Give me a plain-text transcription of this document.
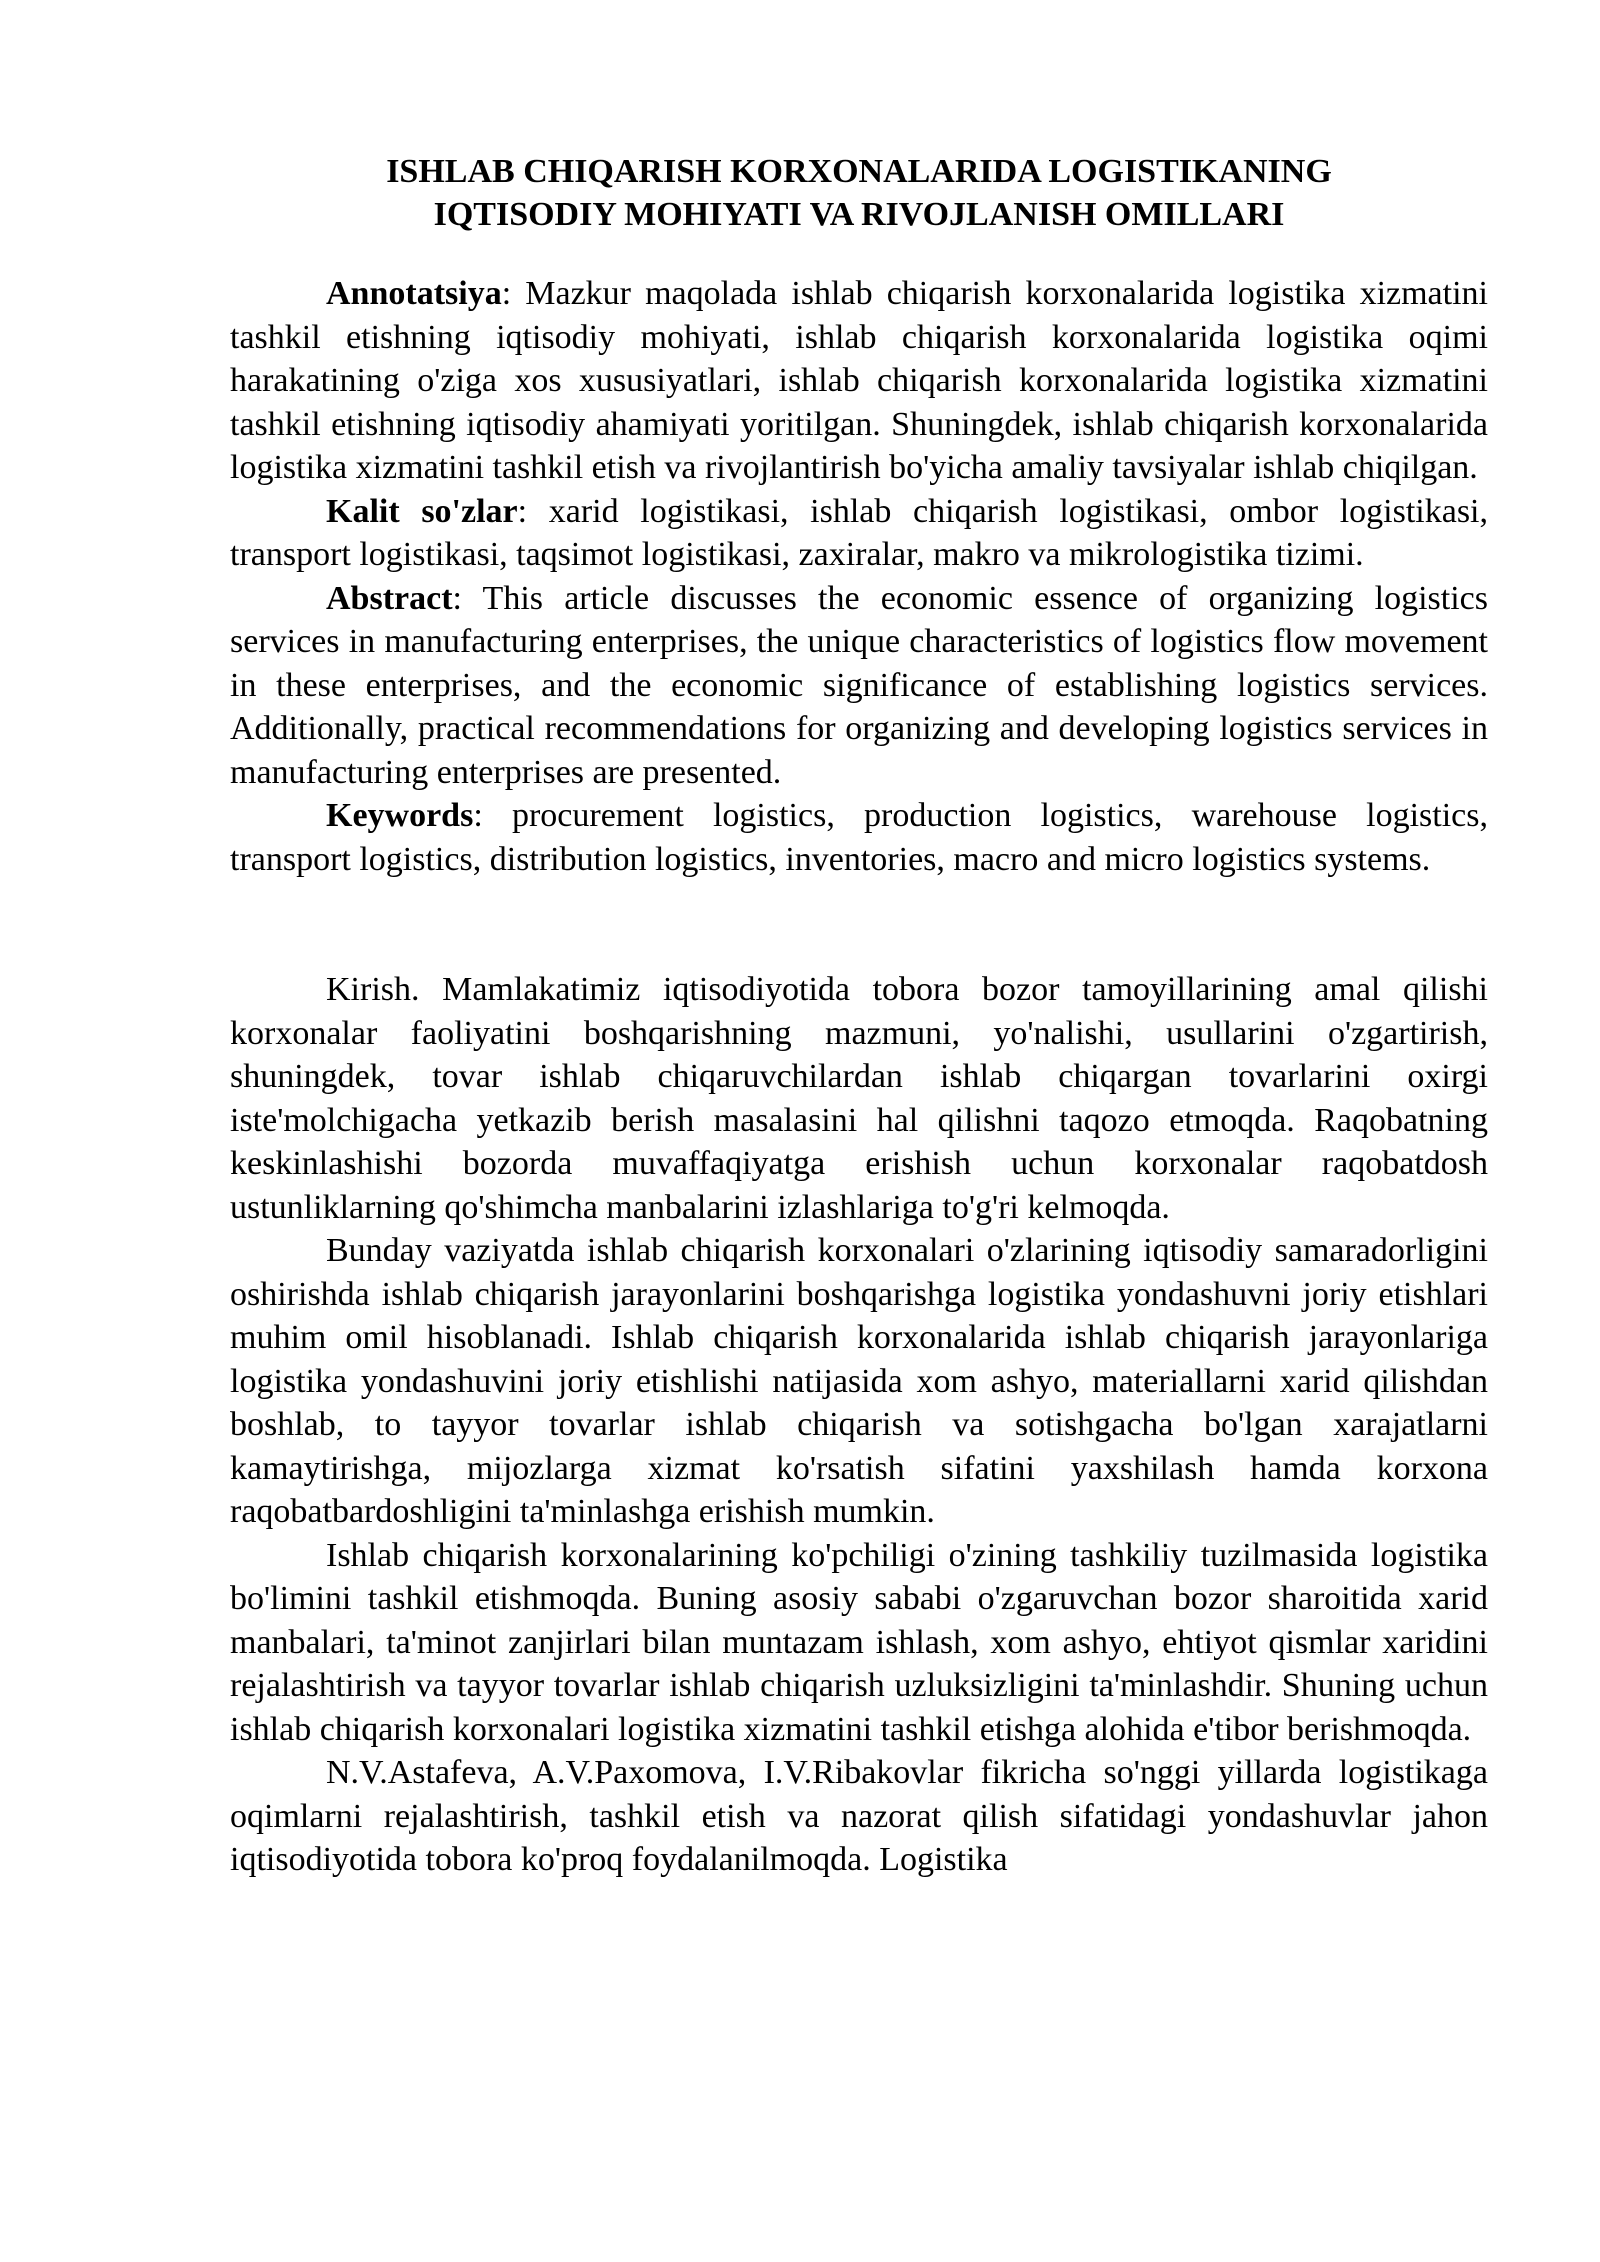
ISHLAB CHIQARISH KORXONALARIDA LOGISTIKANING
IQTISODIY MOHIYATI VA RIVOJLANISH OMILLARI

Annotatsiya: Mazkur maqolada ishlab chiqarish korxonalarida logistika xizmatini tashkil etishning iqtisodiy mohiyati, ishlab chiqarish korxonalarida logistika oqimi harakatining o'ziga xos xususiyatlari, ishlab chiqarish korxonalarida logistika xizmatini tashkil etishning iqtisodiy ahamiyati yoritilgan. Shuningdek, ishlab chiqarish korxonalarida logistika xizmatini tashkil etish va rivojlantirish bo'yicha amaliy tavsiyalar ishlab chiqilgan.

Kalit so'zlar: xarid logistikasi, ishlab chiqarish logistikasi, ombor logistikasi, transport logistikasi, taqsimot logistikasi, zaxiralar, makro va mikrologistika tizimi.

Abstract: This article discusses the economic essence of organizing logistics services in manufacturing enterprises, the unique characteristics of logistics flow movement in these enterprises, and the economic significance of establishing logistics services. Additionally, practical recommendations for organizing and developing logistics services in manufacturing enterprises are presented.

Keywords: procurement logistics, production logistics, warehouse logistics, transport logistics, distribution logistics, inventories, macro and micro logistics systems.

Kirish. Mamlakatimiz iqtisodiyotida tobora bozor tamoyillarining amal qilishi korxonalar faoliyatini boshqarishning mazmuni, yo'nalishi, usullarini o'zgartirish, shuningdek, tovar ishlab chiqaruvchilardan ishlab chiqargan tovarlarini oxirgi iste'molchigacha yetkazib berish masalasini hal qilishni taqozo etmoqda. Raqobatning keskinlashishi bozorda muvaffaqiyatga erishish uchun korxonalar raqobatdosh ustunliklarning qo'shimcha manbalarini izlashlariga to'g'ri kelmoqda.

Bunday vaziyatda ishlab chiqarish korxonalari o'zlarining iqtisodiy samaradorligini oshirishda ishlab chiqarish jarayonlarini boshqarishga logistika yondashuvni joriy etishlari muhim omil hisoblanadi. Ishlab chiqarish korxonalarida ishlab chiqarish jarayonlariga logistika yondashuvini joriy etishlishi natijasida xom ashyo, materiallarni xarid qilishdan boshlab, to tayyor tovarlar ishlab chiqarish va sotishgacha bo'lgan xarajatlarni kamaytirishga, mijozlarga xizmat ko'rsatish sifatini yaxshilash hamda korxona raqobatbardoshligini ta'minlashga erishish mumkin.

Ishlab chiqarish korxonalarining ko'pchiligi o'zining tashkiliy tuzilmasida logistika bo'limini tashkil etishmoqda. Buning asosiy sababi o'zgaruvchan bozor sharoitida xarid manbalari, ta'minot zanjirlari bilan muntazam ishlash, xom ashyo, ehtiyot qismlar xaridini rejalashtirish va tayyor tovarlar ishlab chiqarish uzluksizligini ta'minlashdir. Shuning uchun ishlab chiqarish korxonalari logistika xizmatini tashkil etishga alohida e'tibor berishmoqda.

N.V.Astafeva, A.V.Paxomova, I.V.Ribakovlar fikricha so'nggi yillarda logistikaga oqimlarni rejalashtirish, tashkil etish va nazorat qilish sifatidagi yondashuvlar jahon iqtisodiyotida tobora ko'proq foydalanilmoqda. Logistika
